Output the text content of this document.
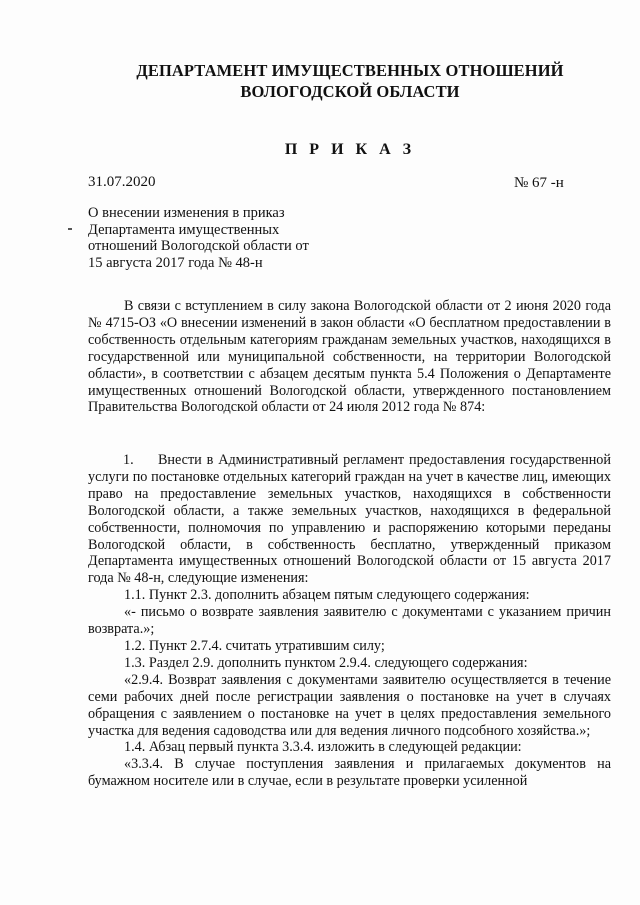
ДЕПАРТАМЕНТ ИМУЩЕСТВЕННЫХ ОТНОШЕНИЙ
ВОЛОГОДСКОЙ ОБЛАСТИ
П Р И К А З
31.07.2020	№ 67 -н
О внесении изменения в приказ
Департамента имущественных
отношений Вологодской области от
15 августа 2017 года № 48-н

В связи с вступлением в силу закона Вологодской области от 2 июня 2020 года № 4715-ОЗ «О внесении изменений в закон области «О бесплатном предоставлении в собственность отдельным категориям гражданам земельных участков, находящихся в государственной или муниципальной собственности, на территории Вологодской области», в соответствии с абзацем десятым пункта 5.4 Положения о Департаменте имущественных отношений Вологодской области, утвержденного постановлением Правительства Вологодской области от 24 июля 2012 года № 874:

1.     Внести в Административный регламент предоставления государственной услуги по постановке отдельных категорий граждан на учет в качестве лиц, имеющих право на предоставление земельных участков, находящихся в собственности Вологодской области, а также земельных участков, находящихся в федеральной собственности, полномочия по управлению и распоряжению которыми переданы Вологодской области, в собственность бесплатно, утвержденный приказом Департамента имущественных отношений Вологодской области от 15 августа 2017 года № 48-н, следующие изменения:

1.1. Пункт 2.3. дополнить абзацем пятым следующего содержания:

«- письмо о возврате заявления заявителю с документами с указанием причин возврата.»;

1.2. Пункт 2.7.4. считать утратившим силу;

1.3. Раздел 2.9. дополнить пунктом 2.9.4. следующего содержания:

«2.9.4. Возврат заявления с документами заявителю осуществляется в течение семи рабочих дней после регистрации заявления о постановке на учет в случаях обращения с заявлением о постановке на учет в целях предоставления земельного участка для ведения садоводства или для ведения личного подсобного хозяйства.»;

1.4. Абзац первый пункта 3.3.4. изложить в следующей редакции:

«3.3.4. В случае поступления заявления и прилагаемых документов на бумажном носителе или в случае, если в результате проверки усиленной
